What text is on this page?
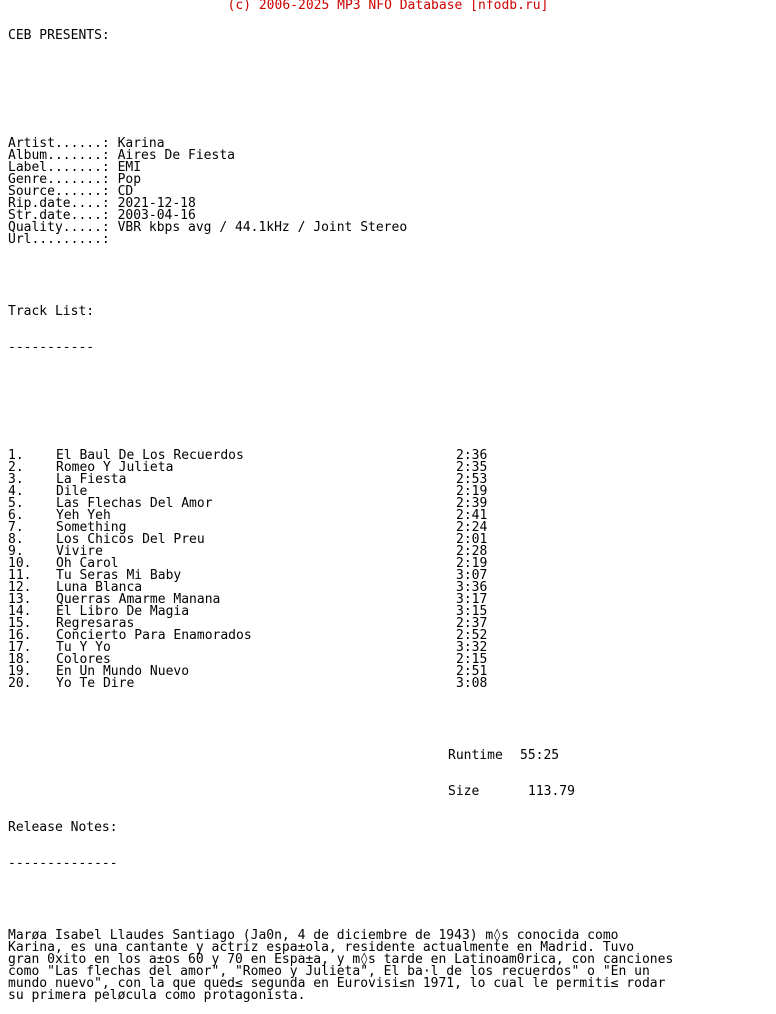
(c) 2006-2025 MP3 NFO Database [nfodb.ru]

CEB PRESENTS:

Artist......: Karina
Album.......: Aires De Fiesta
Label.......: EMI
Genre.......: Pop
Source......: CD
Rip.date....: 2021-12-18
Str.date....: 2003-04-16
Quality.....: VBR kbps avg / 44.1kHz / Joint Stereo
Url.........:

Track List:

-----------

1. El Baul De Los Recuerdos	2:36
2. Romeo Y Julieta	2:35
3. La Fiesta	2:53
4. Dile	2:19
5. Las Flechas Del Amor	2:39
6. Yeh Yeh	2:41
7. Something	2:24
8. Los Chicos Del Preu	2:01
9. Vivire	2:28
10. Oh Carol	2:19
11. Tu Seras Mi Baby	3:07
12. Luna Blanca	3:36
13. Querras Amarme Manana	3:17
14. El Libro De Magia	3:15
15. Regresaras	2:37
16. Concierto Para Enamorados	2:52
17. Tu Y Yo	3:32
18. Colores	2:15
19. En Un Mundo Nuevo	2:51
20. Yo Te Dire	3:08

Runtime 55:25

Size	113.79

Release Notes:

--------------

Marøa Isabel Llaudes Santiago (Ja0n, 4 de diciembre de 1943) m◊s conocida como
Karina, es una cantante y actriz espa±ola, residente actualmente en Madrid. Tuvo
gran 0xito en los a±os 60 y 70 en Espa±a, y m◊s tarde en Latinoam0rica, con canciones
como "Las flechas del amor", "Romeo y Julieta", El ba·l de los recuerdos" o "En un
mundo nuevo", con la que qued≤ segunda en Eurovisi≤n 1971, lo cual le permiti≤ rodar
su primera peløcula como protagonista.
